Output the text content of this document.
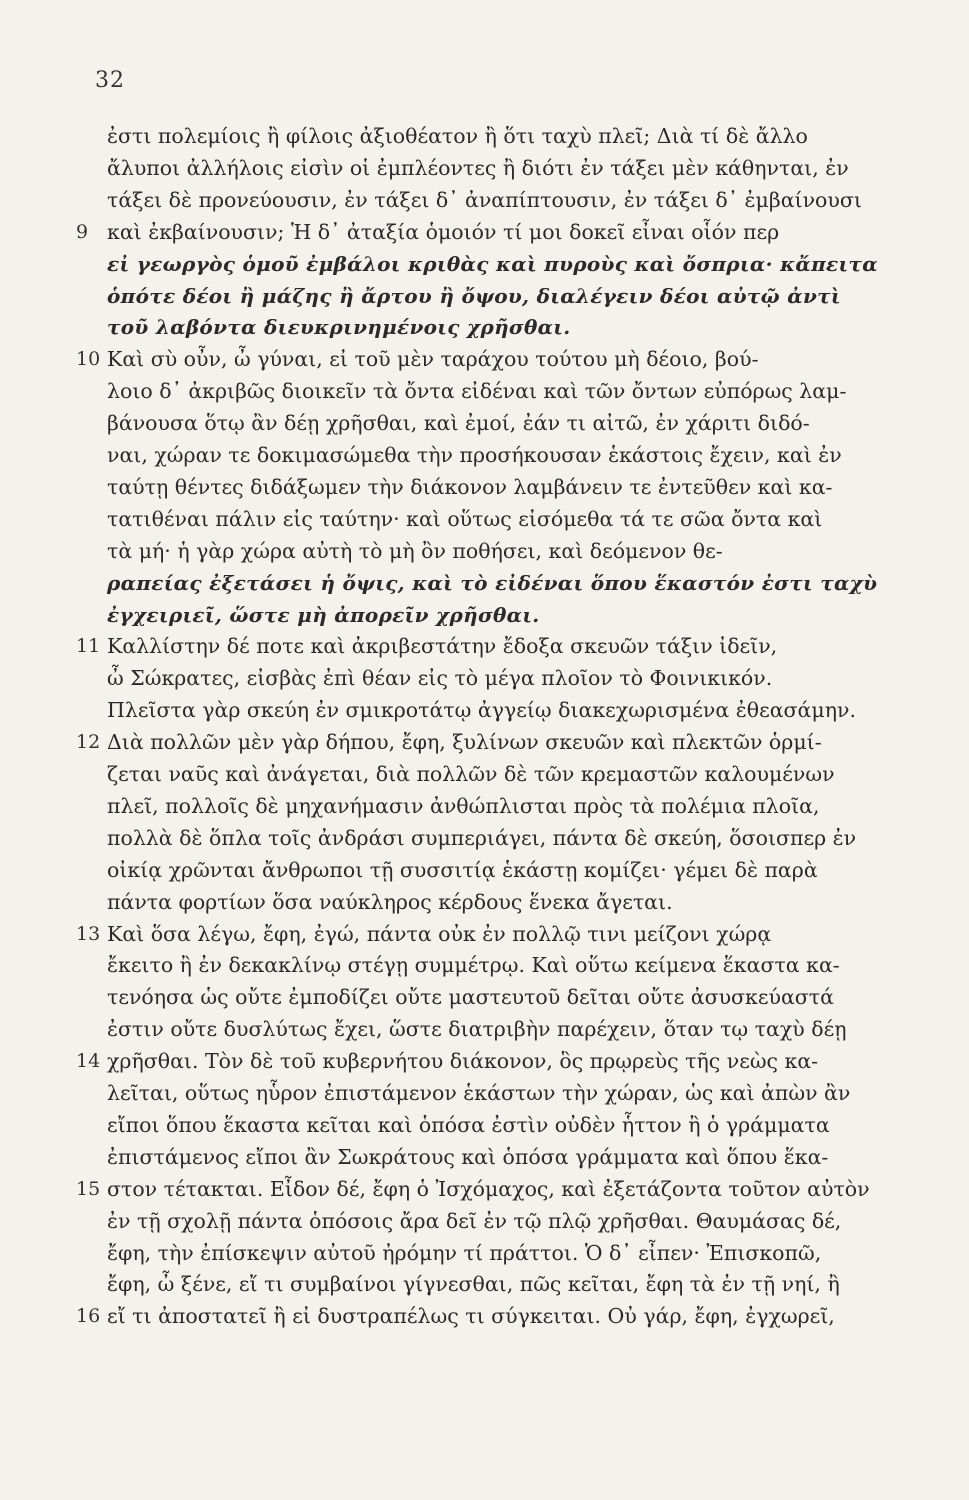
32
ἐστι πολεμίοις ἢ φίλοις ἀξιοθέατον ἢ ὅτι ταχὺ πλεῖ; Διὰ τί δὲ ἄλλο
ἄλυποι ἀλλήλοις εἰσὶν οἱ ἐμπλέοντες ἢ διότι ἐν τάξει μὲν κάθηνται, ἐν
τάξει δὲ προνεύουσιν, ἐν τάξει δ᾽ ἀναπίπτουσιν, ἐν τάξει δ᾽ ἐμβαίνουσι
9 καὶ ἐκβαίνουσιν; Ἡ δ᾽ ἀταξία ὁμοιόν τί μοι δοκεῖ εἶναι οἷόν περ
εἰ γεωργὸς ὁμοῦ ἐμβάλοι κριθὰς καὶ πυροὺς καὶ ὄσπρια· κἄπειτα
ὁπότε δέοι ἢ μάζης ἢ ἄρτου ἢ ὄψου, διαλέγειν δέοι αὐτῷ ἀντὶ
τοῦ λαβόντα διευκρινημένοις χρῆσθαι.
10 Καὶ σὺ οὖν, ὦ γύναι, εἰ τοῦ μὲν ταράχου τούτου μὴ δέοιο, βού-
λοιο δ᾽ ἀκριβῶς διοικεῖν τὰ ὄντα εἰδέναι καὶ τῶν ὄντων εὐπόρως λαμ-
βάνουσα ὅτῳ ἂν δέῃ χρῆσθαι, καὶ ἐμοί, ἐάν τι αἰτῶ, ἐν χάριτι διδό-
ναι, χώραν τε δοκιμασώμεθα τὴν προσήκουσαν ἑκάστοις ἔχειν, καὶ ἐν
ταύτῃ θέντες διδάξωμεν τὴν διάκονον λαμβάνειν τε ἐντεῦθεν καὶ κα-
τατιθέναι πάλιν εἰς ταύτην· καὶ οὕτως εἰσόμεθα τά τε σῶα ὄντα καὶ
τὰ μή· ἡ γὰρ χώρα αὐτὴ τὸ μὴ ὂν ποθήσει, καὶ δεόμενον θε-
ραπείας ἐξετάσει ἡ ὄψις, καὶ τὸ εἰδέναι ὅπου ἕκαστόν ἐστι ταχὺ
ἐγχειριεῖ, ὥστε μὴ ἀπορεῖν χρῆσθαι.
11 Καλλίστην δέ ποτε καὶ ἀκριβεστάτην ἔδοξα σκευῶν τάξιν ἰδεῖν,
ὦ Σώκρατες, εἰσβὰς ἐπὶ θέαν εἰς τὸ μέγα πλοῖον τὸ Φοινικικόν.
Πλεῖστα γὰρ σκεύη ἐν σμικροτάτῳ ἀγγείῳ διακεχωρισμένα ἐθεασάμην.
12 Διὰ πολλῶν μὲν γὰρ δήπου, ἔφη, ξυλίνων σκευῶν καὶ πλεκτῶν ὁρμί-
ζεται ναῦς καὶ ἀνάγεται, διὰ πολλῶν δὲ τῶν κρεμαστῶν καλουμένων
πλεῖ, πολλοῖς δὲ μηχανήμασιν ἀνθώπλισται πρὸς τὰ πολέμια πλοῖα,
πολλὰ δὲ ὅπλα τοῖς ἀνδράσι συμπεριάγει, πάντα δὲ σκεύη, ὅσοισπερ ἐν
οἰκίᾳ χρῶνται ἄνθρωποι τῇ συσσιτίᾳ ἑκάστῃ κομίζει· γέμει δὲ παρὰ
πάντα φορτίων ὅσα ναύκληρος κέρδους ἕνεκα ἄγεται.
13 Καὶ ὅσα λέγω, ἔφη, ἐγώ, πάντα οὐκ ἐν πολλῷ τινι μείζονι χώρᾳ
ἔκειτο ἢ ἐν δεκακλίνῳ στέγῃ συμμέτρῳ. Καὶ οὕτω κείμενα ἕκαστα κα-
τενόησα ὡς οὔτε ἐμποδίζει οὔτε μαστευτοῦ δεῖται οὔτε ἀσυσκεύαστά
ἐστιν οὔτε δυσλύτως ἔχει, ὥστε διατριβὴν παρέχειν, ὅταν τῳ ταχὺ δέῃ
14 χρῆσθαι. Τὸν δὲ τοῦ κυβερνήτου διάκονον, ὃς πρῳρεὺς τῆς νεὼς κα-
λεῖται, οὕτως ηὗρον ἐπιστάμενον ἑκάστων τὴν χώραν, ὡς καὶ ἀπὼν ἂν
εἴποι ὅπου ἕκαστα κεῖται καὶ ὁπόσα ἐστὶν οὐδὲν ἧττον ἢ ὁ γράμματα
ἐπιστάμενος εἴποι ἂν Σωκράτους καὶ ὁπόσα γράμματα καὶ ὅπου ἕκα-
15 στον τέτακται. Εἶδον δέ, ἔφη ὁ Ἰσχόμαχος, καὶ ἐξετάζοντα τοῦτον αὐτὸν
ἐν τῇ σχολῇ πάντα ὁπόσοις ἄρα δεῖ ἐν τῷ πλῷ χρῆσθαι. Θαυμάσας δέ,
ἔφη, τὴν ἐπίσκεψιν αὐτοῦ ἠρόμην τί πράττοι. Ὁ δ᾽ εἶπεν· Ἐπισκοπῶ,
ἔφη, ὦ ξένε, εἴ τι συμβαίνοι γίγνεσθαι, πῶς κεῖται, ἔφη τὰ ἐν τῇ νηί, ἢ
16 εἴ τι ἀποστατεῖ ἢ εἰ δυστραπέλως τι σύγκειται. Οὐ γάρ, ἔφη, ἐγχωρεῖ,
